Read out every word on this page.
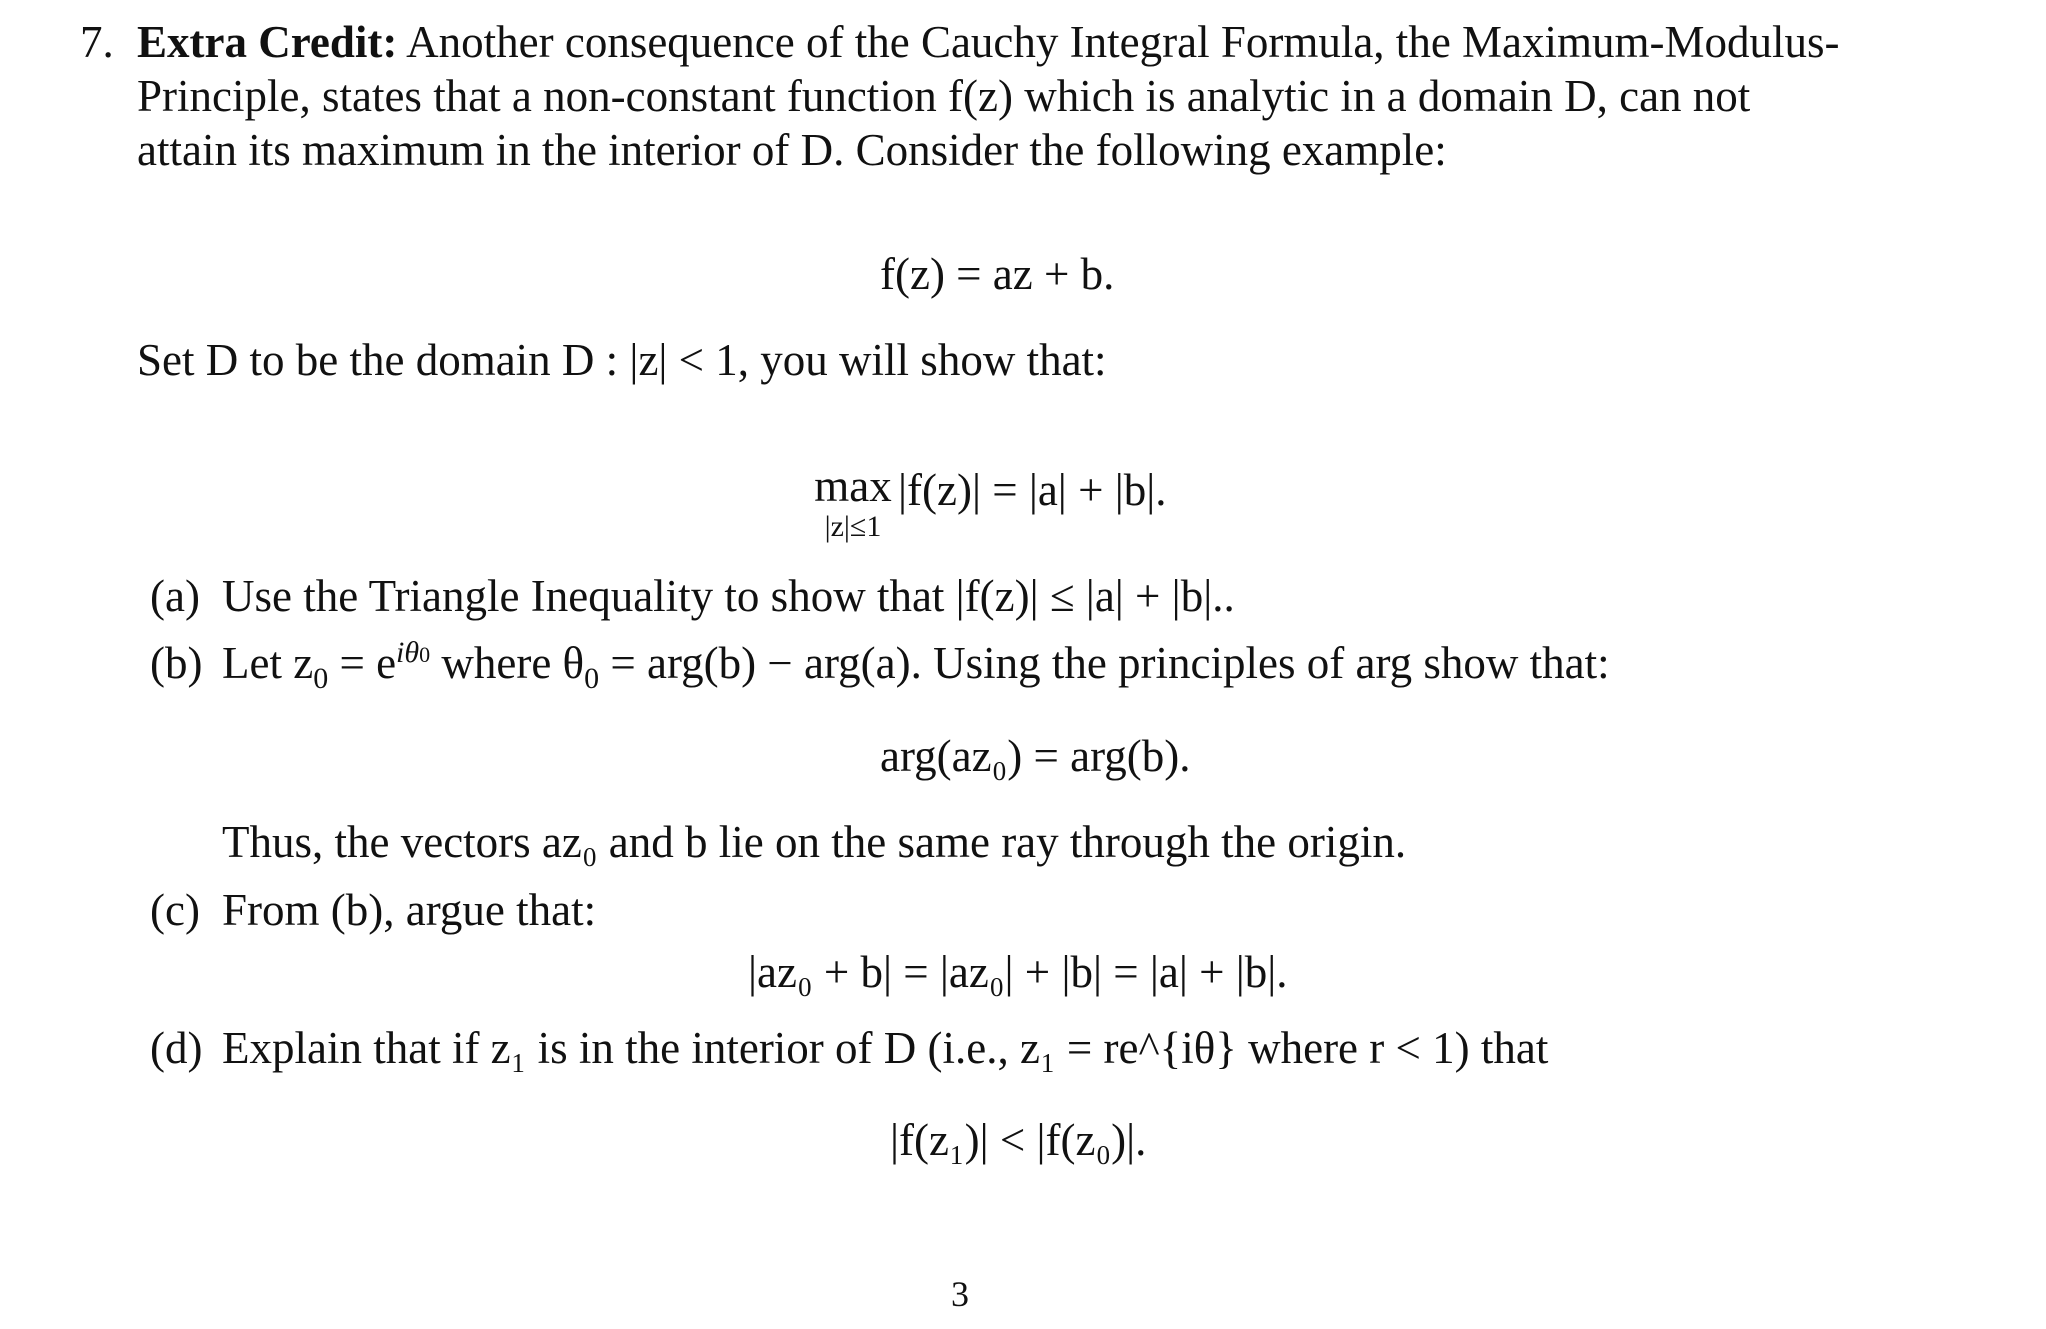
7. Extra Credit: Another consequence of the Cauchy Integral Formula, the Maximum-Modulus-
Principle, states that a non-constant function f(z) which is analytic in a domain D, can not
attain its maximum in the interior of D. Consider the following example:
f(z) = az + b.
Set D to be the domain D : |z| < 1, you will show that:
max
|z|≤1
|f(z)| = |a| + |b|.
(a) Use the Triangle Inequality to show that |f(z)| ≤ |a| + |b|..
(b) Let $z_0 = e^{i\theta 0}$ where $\theta_0 = arg(b) - arg(a)$. Using the principles of arg show that:
arg(az₀) = arg(b).
Thus, the vectors az₀ and b lie on the same ray through the origin.
(c) From (b), argue that:
|az₀ + b| = |az₀| + |b| = |a| + |b|.
(d) Explain that if z₁ is in the interior of D (i.e., z₁ = re^{iθ} where r < 1) that
|f(z₁)| < |f(z₀)|.
3
